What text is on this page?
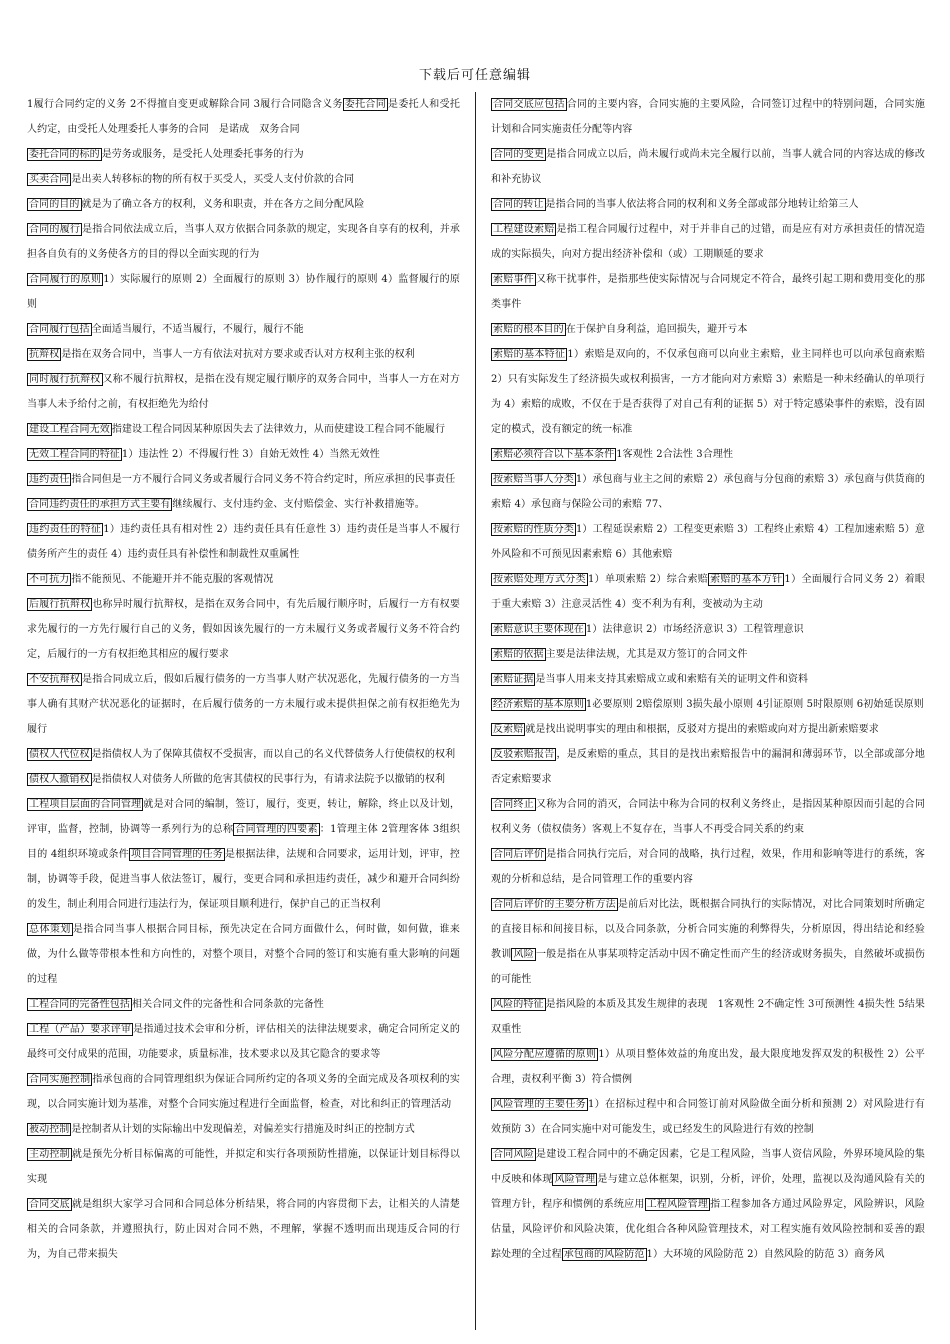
下载后可任意编辑

1履行合同约定的义务 2不得擅自变更或解除合同 3履行合同隐含义务 委托合同 是委托人和受托人约定，由受托人处理委托人事务的合同　是诺成　双务合同

委托合同的标的 是劳务或服务，是受托人处理委托事务的行为

买卖合同 是出卖人转移标的物的所有权于买受人，买受人支付价款的合同

合同的目的 就是为了确立各方的权利，义务和职责，并在各方之间分配风险

合同的履行 是指合同依法成立后，当事人双方依据合同条款的规定，实现各自享有的权利，并承担各自负有的义务使各方的目的得以全面实现的行为

合同履行的原则 1）实际履行的原则 2）全面履行的原则 3）协作履行的原则 4）监督履行的原则

合同履行包括 全面适当履行，不适当履行，不履行，履行不能

抗辩权 是指在双务合同中，当事人一方有依法对抗对方要求或否认对方权利主张的权利

同时履行抗辩权 又称不履行抗辩权，是指在没有规定履行顺序的双务合同中，当事人一方在对方当事人未予给付之前，有权拒绝先为给付

建设工程合同无效 指建设工程合同因某种原因失去了法律效力，从而使建设工程合同不能履行

无效工程合同的特征 1）违法性 2）不得履行性 3）自始无效性 4）当然无效性

违约责任 指合同但是一方不履行合同义务或者履行合同义务不符合约定时，所应承担的民事责任

合同违约责任的承担方式主要有 继续履行、支付违约金、支付赔偿金、实行补救措施等。

违约责任的特征 1）违约责任具有相对性 2）违约责任具有任意性 3）违约责任是当事人不履行债务所产生的责任 4）违约责任具有补偿性和制裁性双重属性

不可抗力 指不能预见、不能避开并不能克服的客观情况

后履行抗辩权 也称异时履行抗辩权，是指在双务合同中，有先后履行顺序时，后履行一方有权要求先履行的一方先行履行自己的义务，假如因该先履行的一方未履行义务或者履行义务不符合约定，后履行的一方有权拒绝其相应的履行要求

不安抗辩权 是指合同成立后，假如后履行债务的一方当事人财产状况恶化，先履行债务的一方当事人确有其财产状况恶化的证据时，在后履行债务的一方未履行或未提供担保之前有权拒绝先为履行

债权人代位权 是指债权人为了保障其债权不受损害，而以自己的名义代替债务人行使债权的权利

债权人撤销权 是指债权人对债务人所做的危害其债权的民事行为，有请求法院予以撤销的权利

工程项目层面的合同管理 就是对合同的编制，签订，履行，变更，转让，解除，终止以及计划，评审，监督，控制，协调等一系列行为的总称 合同管理的四要素 ：1管理主体 2管理客体 3组织目的 4组织环境或条件 项目合同管理的任务 是根据法律，法规和合同要求，运用计划，评审，控制，协调等手段，促进当事人依法签订，履行，变更合同和承担违约责任，减少和避开合同纠纷的发生，制止利用合同进行违法行为，保证项目顺利进行，保护自己的正当权利

总体策划 是指合同当事人根据合同目标，预先决定在合同方面做什么，何时做，如何做，谁来做，为什么做等带根本性和方向性的，对整个项目，对整个合同的签订和实施有重大影响的问题的过程

工程合同的完备性包括 相关合同文件的完备性和合同条款的完备性

工程（产品）要求评审 是指通过技术会审和分析，评估相关的法律法规要求，确定合同所定义的最终可交付成果的范围，功能要求，质量标准，技术要求以及其它隐含的要求等

合同实施控制 指承包商的合同管理组织为保证合同所约定的各项义务的全面完成及各项权利的实现，以合同实施计划为基准，对整个合同实施过程进行全面监督，检查，对比和纠正的管理活动

被动控制 是控制者从计划的实际输出中发现偏差，对偏差实行措施及时纠正的控制方式

主动控制 就是预先分析目标偏离的可能性，并拟定和实行各项预防性措施，以保证计划目标得以实现

合同交底 就是组织大家学习合同和合同总体分析结果，将合同的内容贯彻下去，让相关的人清楚相关的合同条款，并遵照执行，防止因对合同不熟，不理解，掌握不透明而出现违反合同的行为，为自己带来损失

合同交底应包括 合同的主要内容，合同实施的主要风险，合同签订过程中的特别问题，合同实施计划和合同实施责任分配等内容

合同的变更 是指合同成立以后，尚未履行或尚未完全履行以前，当事人就合同的内容达成的修改和补充协议

合同的转让 是指合同的当事人依法将合同的权利和义务全部或部分地转让给第三人

工程建设索赔 是指工程合同履行过程中，对于并非自己的过错，而是应有对方承担责任的情况造成的实际损失，向对方提出经济补偿和（或）工期顺延的要求

索赔事件 又称干扰事件，是指那些使实际情况与合同规定不符合，最终引起工期和费用变化的那类事件

索赔的根本目的 在于保护自身利益，追回损失，避开亏本

索赔的基本特征 1）索赔是双向的，不仅承包商可以向业主索赔，业主同样也可以向承包商索赔 2）只有实际发生了经济损失或权利损害，一方才能向对方索赔 3）索赔是一种未经确认的单项行为 4）索赔的成败，不仅在于是否获得了对自己有利的证据 5）对于特定感染事件的索赔，没有固定的模式，没有额定的统一标准

索赔必须符合以下基本条件 1客观性 2合法性 3合理性

按索赔当事人分类 1）承包商与业主之间的索赔 2）承包商与分包商的索赔 3）承包商与供货商的索赔 4）承包商与保险公司的索赔 77、

按索赔的性质分类 1）工程延误索赔 2）工程变更索赔 3）工程终止索赔 4）工程加速索赔 5）意外风险和不可预见因素索赔 6）其他索赔

按索赔处理方式分类 1）单项索赔 2）综合索赔 索赔的基本方针 1）全面履行合同义务 2）着眼于重大索赔 3）注意灵活性 4）变不利为有利，变被动为主动

索赔意识主要体现在 1）法律意识 2）市场经济意识 3）工程管理意识

索赔的依据 主要是法律法规，尤其是双方签订的合同文件

索赔证据 是当事人用来支持其索赔成立或和索赔有关的证明文件和资料

经济索赔的基本原则 1必要原则 2赔偿原则 3损失最小原则 4引证原则 5时限原则 6初始延误原则

反索赔 就是找出说明事实的理由和根据，反驳对方提出的索赔或向对方提出新索赔要求

反驳索赔报告 ，是反索赔的重点，其目的是找出索赔报告中的漏洞和薄弱环节，以全部或部分地否定索赔要求

合同终止 又称为合同的消灭，合同法中称为合同的权利义务终止，是指因某种原因而引起的合同权利义务（债权债务）客观上不复存在，当事人不再受合同关系的约束

合同后评价 是指合同执行完后，对合同的战略，执行过程，效果，作用和影响等进行的系统，客观的分析和总结，是合同管理工作的重要内容

合同后评价的主要分析方法 是前后对比法，既根据合同执行的实际情况，对比合同策划时所确定的直接目标和间接目标，以及合同条款，分析合同实施的利弊得失，分析原因，得出结论和经验教训 风险 一般是指在从事某项特定活动中因不确定性而产生的经济或财务损失，自然破坏或损伤的可能性

风险的特征 是指风险的本质及其发生规律的表现　1客观性 2不确定性 3可预测性 4损失性 5结果双重性

风险分配应遵循的原则 1）从项目整体效益的角度出发，最大限度地发挥双发的积极性 2）公平合理，责权利平衡 3）符合惯例

风险管理的主要任务 1）在招标过程中和合同签订前对风险做全面分析和预测 2）对风险进行有效预防 3）在合同实施中对可能发生，或已经发生的风险进行有效的控制

合同风险 是建设工程合同中的不确定因素，它是工程风险，当事人资信风险，外界环境风险的集中反映和体现 风险管理 是与建立总体框架，识别，分析，评价，处理，监视以及沟通风险有关的管理方针，程序和惯例的系统应用 工程风险管理 指工程参加各方通过风险界定，风险辨识，风险估量，风险评价和风险决策，优化组合各种风险管理技术，对工程实施有效风险控制和妥善的跟踪处理的全过程 承包商的风险防范 1）大环境的风险防范 2）自然风险的防范 3）商务风
